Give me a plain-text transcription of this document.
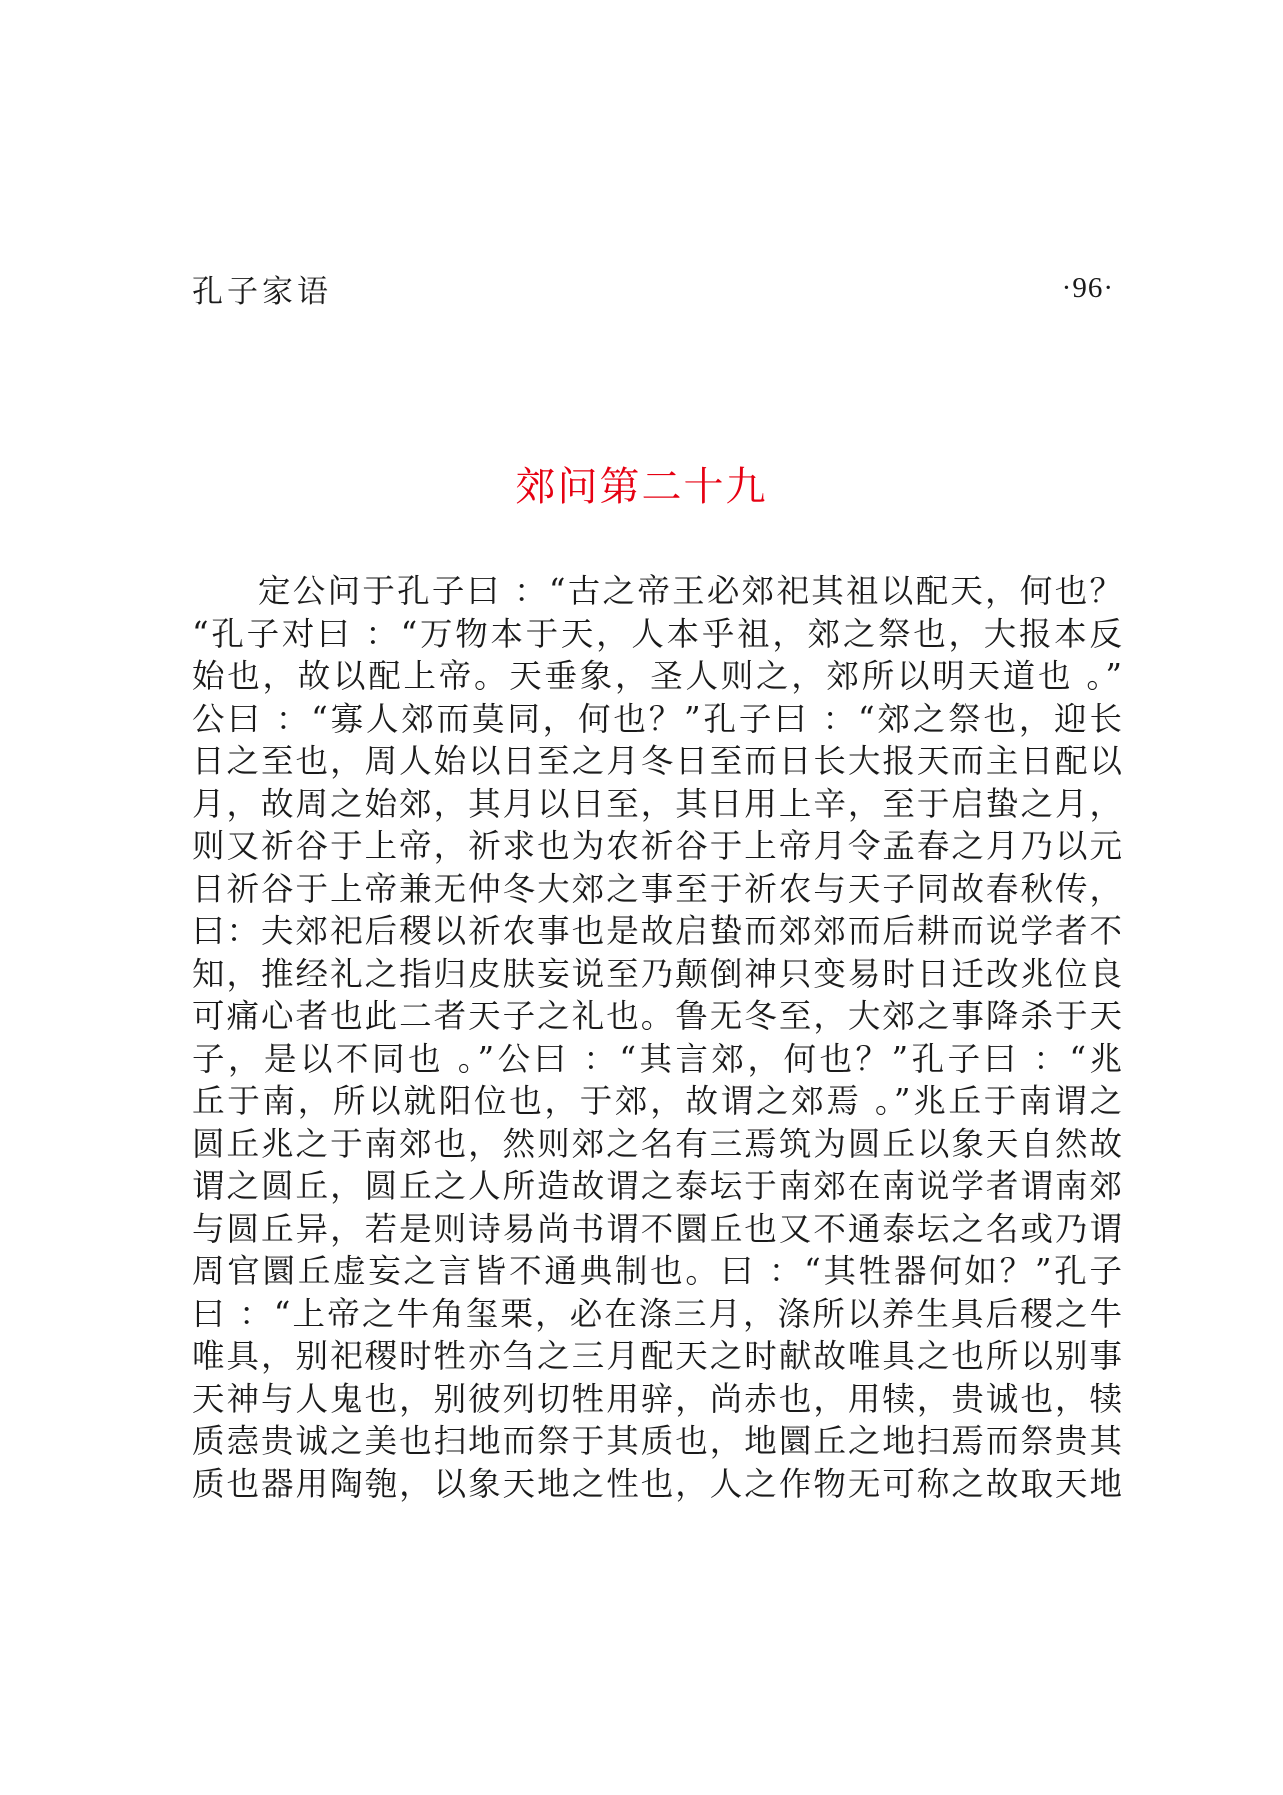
孔子家语	·96·
郊问第二十九
定公问于孔子曰 ：“古之帝王必郊祀其祖以配天，何也？
“孔子对曰 ：“万物本于天，人本乎祖，郊之祭也，大报本反
始也，故以配上帝。天垂象，圣人则之，郊所以明天道也 。”
公曰 ：“寡人郊而莫同，何也？”孔子曰 ：“郊之祭也，迎长
日之至也，周人始以日至之月冬日至而日长大报天而主日配以
月，故周之始郊，其月以日至，其日用上辛，至于启蛰之月，
则又祈谷于上帝，祈求也为农祈谷于上帝月令孟春之月乃以元
日祈谷于上帝兼无仲冬大郊之事至于祈农与天子同故春秋传，
曰：夫郊祀后稷以祈农事也是故启蛰而郊郊而后耕而说学者不
知，推经礼之指归皮肤妄说至乃颠倒神只变易时日迁改兆位良
可痛心者也此二者天子之礼也。鲁无冬至，大郊之事降杀于天
子，是以不同也 。”公曰 ：“其言郊，何也？”孔子曰 ：“兆
丘于南，所以就阳位也，于郊，故谓之郊焉 。”兆丘于南谓之
圆丘兆之于南郊也，然则郊之名有三焉筑为圆丘以象天自然故
谓之圆丘，圆丘之人所造故谓之泰坛于南郊在南说学者谓南郊
与圆丘异，若是则诗易尚书谓不圜丘也又不通泰坛之名或乃谓
周官圜丘虚妄之言皆不通典制也。曰 ：“其牲器何如？”孔子
曰 ：“上帝之牛角玺栗，必在涤三月，涤所以养生具后稷之牛
唯具，别祀稷时牲亦刍之三月配天之时献故唯具之也所以别事
天神与人鬼也，别彼列切牲用骍，尚赤也，用犊，贵诚也，犊
质悫贵诚之美也扫地而祭于其质也，地圜丘之地扫焉而祭贵其
质也器用陶匏，以象天地之性也，人之作物无可称之故取天地
